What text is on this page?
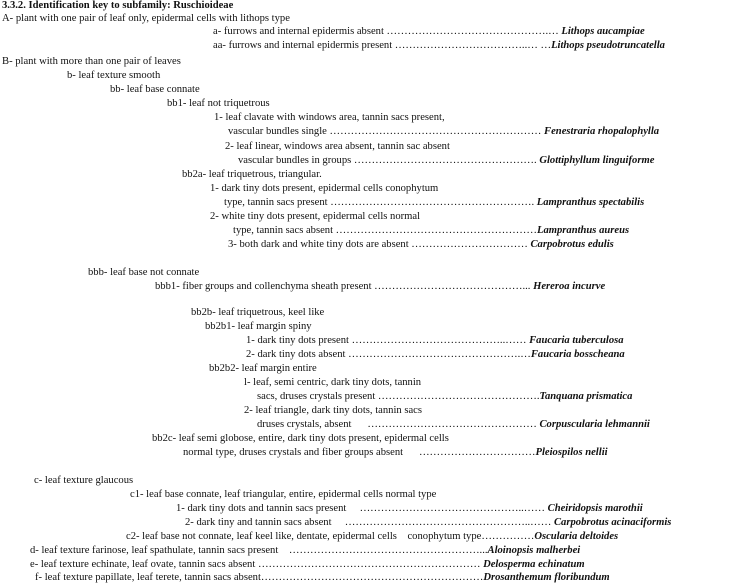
3.3.2. Identification key to subfamily: Ruschioideae
A- plant with one pair of leaf only, epidermal cells with lithops type
a- furrows and internal epidermis absent ……………………………………….… Lithops aucampiae
aa- furrows and internal epidermis present ………………………………..… …Lithops pseudotruncatella
B- plant with more than one pair of leaves
b- leaf texture smooth
bb- leaf base connate
bb1- leaf not triquetrous
1- leaf clavate with windows area, tannin sacs present,
vascular bundles single …………………………………………………… Fenestraria rhopalophylla
2- leaf linear, windows area absent, tannin sac absent
vascular bundles in groups ……………………………………………. Glottiphyllum linguiforme
bb2a- leaf triquetrous, triangular.
1- dark tiny dots present, epidermal cells conophytum
type, tannin sacs present …………………………………………………. Lampranthus spectabilis
2- white tiny dots present, epidermal cells normal
type, tannin sacs absent …………………………………………………Lampranthus aureus
3- both dark and white tiny dots are absent …………………………… Carpobrotus edulis
bbb- leaf base not connate
bbb1- fiber groups and collenchyma sheath present ……………………………………... Hereroa incurve
bb2b- leaf triquetrous, keel like
bb2b1- leaf margin spiny
1- dark tiny dots present ……………………………………..…… Faucaria tuberculosa
2- dark tiny dots absent ………………………………………….…Faucaria bosscheana
bb2b2- leaf margin entire
l- leaf, semi centric, dark tiny dots, tannin
sacs, druses crystals present ……………………………………….Tanquana prismatica
2- leaf triangle, dark tiny dots, tannin sacs
druses crystals, absent      ………………………………………… Corpuscularia lehmannii
bb2c- leaf semi globose, entire, dark tiny dots present, epidermal cells
normal type, druses crystals and fiber groups absent      ……………………………Pleiospilos nellii
c- leaf texture glaucous
c1- leaf base connate, leaf triangular, entire, epidermal cells normal type
1- dark tiny dots and tannin sacs present     ………………………………………..…… Cheiridopsis marothii
2- dark tiny and tannin sacs absent     ……………………………………………..…… Carpobrotus acinaciformis
c2- leaf base not connate, leaf keel like, dentate, epidermal cells    conophytum type……………Oscularia deltoides
d- leaf texture farinose, leaf spathulate, tannin sacs present    ………………………………………………...Aloinopsis malherbei
e- leaf texture echinate, leaf ovate, tannin sacs absent ……………………………………………………… Delosperma echinatum
f- leaf texture papillate, leaf terete, tannin sacs absent………………………………………………………Drosanthemum floribundum
